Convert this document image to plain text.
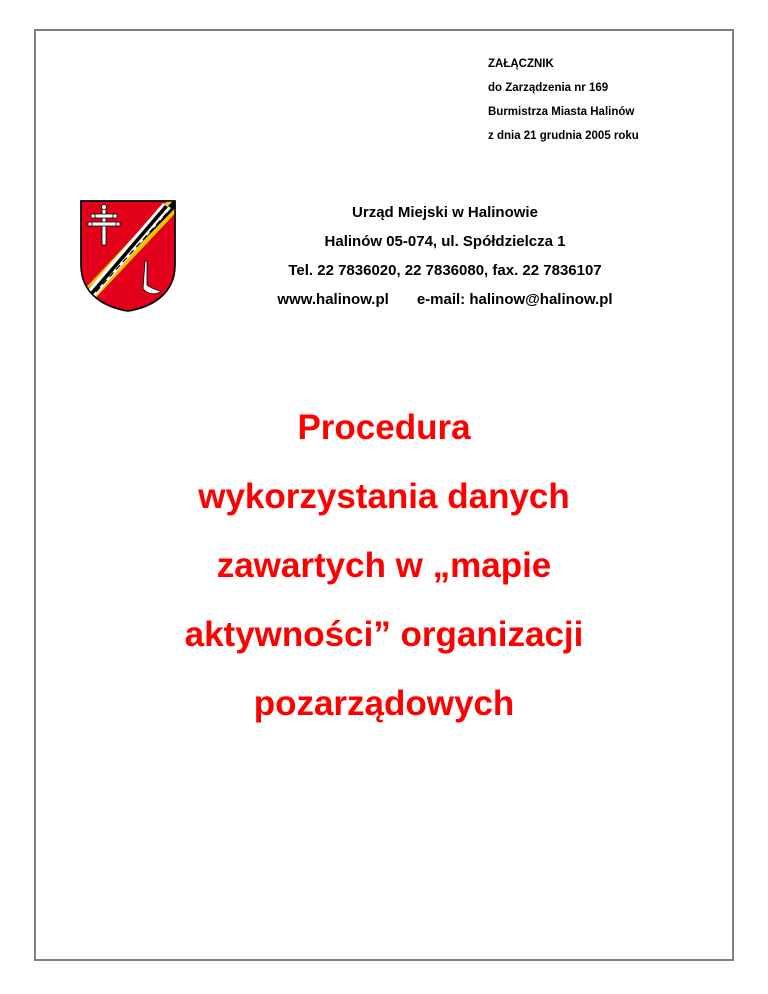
ZAŁĄCZNIK
do Zarządzenia nr 169
Burmistrza Miasta Halinów
z dnia 21 grudnia 2005 roku
Urząd Miejski w Halinowie
Halinów 05-074, ul. Spółdzielcza 1
Tel. 22 7836020, 22 7836080, fax. 22 7836107
www.halinow.pl e-mail: halinow@halinow.pl
Procedura
wykorzystania danych
zawartych w „mapie
aktywności” organizacji
pozarządowych
